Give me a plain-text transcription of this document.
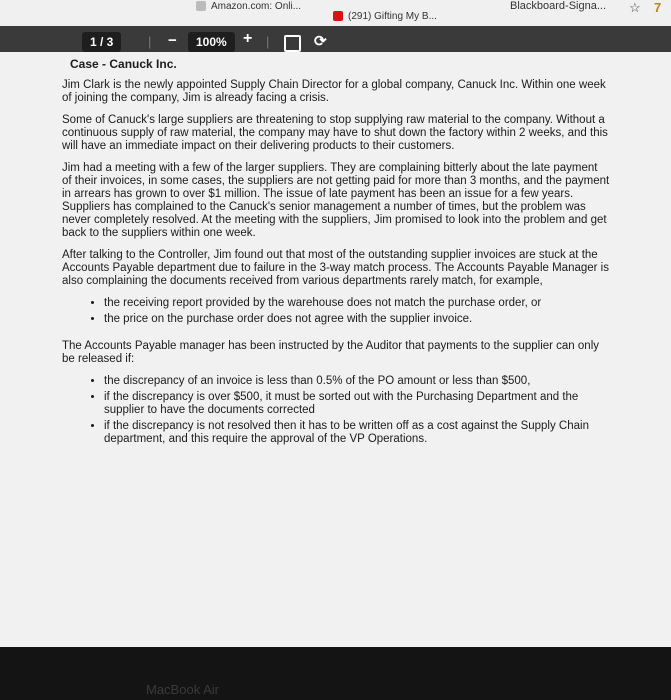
Amazon.com: Onli...
(291) Gifting My B...
Blackboard-Signa... ☆ 7
1 / 3	| −	100%	+ |	⟳
Case - Canuck Inc.

Jim Clark is the newly appointed Supply Chain Director for a global company, Canuck Inc. Within one week of joining the company, Jim is already facing a crisis.

Some of Canuck's large suppliers are threatening to stop supplying raw material to the company. Without a continuous supply of raw material, the company may have to shut down the factory within 2 weeks, and this will have an immediate impact on their delivering products to their customers.

Jim had a meeting with a few of the larger suppliers. They are complaining bitterly about the late payment of their invoices, in some cases, the suppliers are not getting paid for more than 3 months, and the payment in arrears has grown to over $1 million. The issue of late payment has been an issue for a few years. Suppliers has complained to the Canuck's senior management a number of times, but the problem was never completely resolved. At the meeting with the suppliers, Jim promised to look into the problem and get back to the suppliers within one week.

After talking to the Controller, Jim found out that most of the outstanding supplier invoices are stuck at the Accounts Payable department due to failure in the 3-way match process. The Accounts Payable Manager is also complaining the documents received from various departments rarely match, for example,

• the receiving report provided by the warehouse does not match the purchase order, or
• the price on the purchase order does not agree with the supplier invoice.

The Accounts Payable manager has been instructed by the Auditor that payments to the supplier can only be released if:

• the discrepancy of an invoice is less than 0.5% of the PO amount or less than $500,
• if the discrepancy is over $500, it must be sorted out with the Purchasing Department and the supplier to have the documents corrected
• if the discrepancy is not resolved then it has to be written off as a cost against the Supply Chain department, and this require the approval of the VP Operations.
MacBook Air
